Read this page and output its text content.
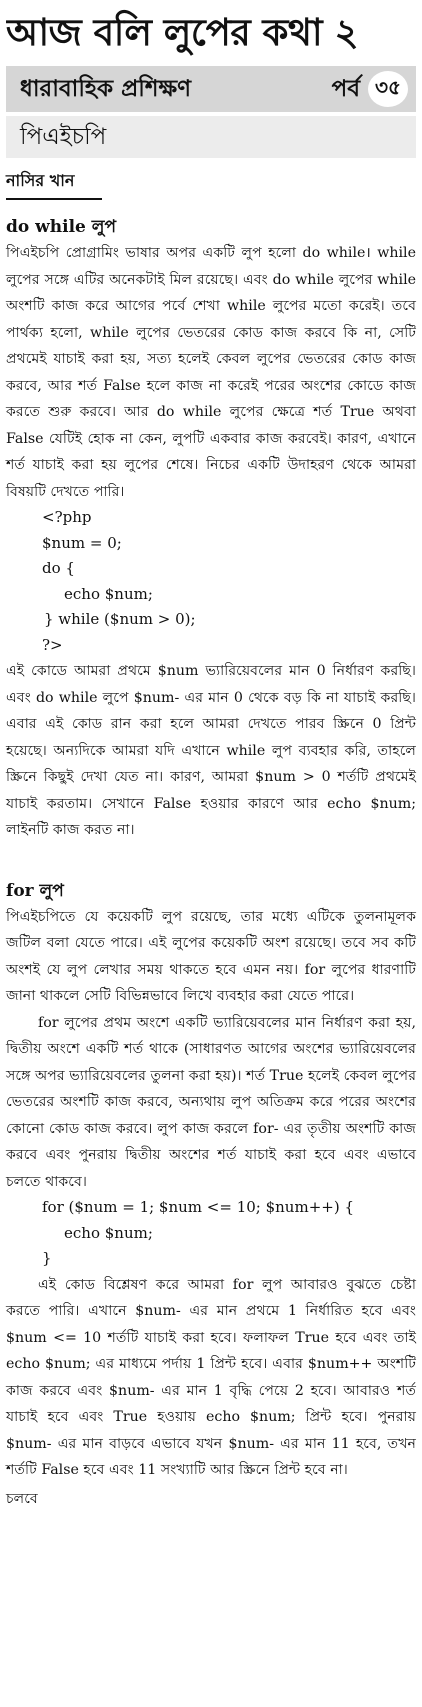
আজ বলি লুপের কথা ২
ধারাবাহিক প্রশিক্ষণ	পর্ব ৩৫
পিএইচপি
নাসির খান
do while লুপ

পিএইচপি প্রোগ্রামিং ভাষার অপর একটি লুপ হলো do while। while লুপের সঙ্গে এটির অনেকটাই মিল রয়েছে। এবং do while লুপের while অংশটি কাজ করে আগের পর্বে শেখা while লুপের মতো করেই। তবে পার্থক্য হলো, while লুপের ভেতরের কোড কাজ করবে কি না, সেটি প্রথমেই যাচাই করা হয়, সত্য হলেই কেবল লুপের ভেতরের কোড কাজ করবে, আর শর্ত False হলে কাজ না করেই পরের অংশের কোডে কাজ করতে শুরু করবে। আর do while লুপের ক্ষেত্রে শর্ত True অথবা False যেটিই হোক না কেন, লুপটি একবার কাজ করবেই। কারণ, এখানে শর্ত যাচাই করা হয় লুপের শেষে। নিচের একটি উদাহরণ থেকে আমরা বিষয়টি দেখতে পারি।

<?php
$num = 0;
do {
echo $num;
} while ($num > 0);
?>

এই কোডে আমরা প্রথমে $num ভ্যারিয়েবলের মান 0 নির্ধারণ করছি। এবং do while লুপে $num- এর মান 0 থেকে বড় কি না যাচাই করছি। এবার এই কোড রান করা হলে আমরা দেখতে পারব স্ক্রিনে 0 প্রিন্ট হয়েছে। অন্যদিকে আমরা যদি এখানে while লুপ ব্যবহার করি, তাহলে স্ক্রিনে কিছুই দেখা যেত না। কারণ, আমরা $num > 0 শর্তটি প্রথমেই যাচাই করতাম। সেখানে False হওয়ার কারণে আর echo $num; লাইনটি কাজ করত না।

for লুপ

পিএইচপিতে যে কয়েকটি লুপ রয়েছে, তার মধ্যে এটিকে তুলনামূলক জটিল বলা যেতে পারে। এই লুপের কয়েকটি অংশ রয়েছে। তবে সব কটি অংশই যে লুপ লেখার সময় থাকতে হবে এমন নয়। for লুপের ধারণাটি জানা থাকলে সেটি বিভিন্নভাবে লিখে ব্যবহার করা যেতে পারে।

for লুপের প্রথম অংশে একটি ভ্যারিয়েবলের মান নির্ধারণ করা হয়, দ্বিতীয় অংশে একটি শর্ত থাকে (সাধারণত আগের অংশের ভ্যারিয়েবলের সঙ্গে অপর ভ্যারিয়েবলের তুলনা করা হয়)। শর্ত True হলেই কেবল লুপের ভেতরের অংশটি কাজ করবে, অন্যথায় লুপ অতিক্রম করে পরের অংশের কোনো কোড কাজ করবে। লুপ কাজ করলে for- এর তৃতীয় অংশটি কাজ করবে এবং পুনরায় দ্বিতীয় অংশের শর্ত যাচাই করা হবে এবং এভাবে চলতে থাকবে।

for ($num = 1; $num <= 10; $num++) {
echo $num;
}

এই কোড বিশ্লেষণ করে আমরা for লুপ আবারও বুঝতে চেষ্টা করতে পারি। এখানে $num- এর মান প্রথমে 1 নির্ধারিত হবে এবং $num <= 10 শর্তটি যাচাই করা হবে। ফলাফল True হবে এবং তাই echo $num; এর মাধ্যমে পর্দায় 1 প্রিন্ট হবে। এবার $num++ অংশটি কাজ করবে এবং $num- এর মান 1 বৃদ্ধি পেয়ে 2 হবে। আবারও শর্ত যাচাই হবে এবং True হওয়ায় echo $num; প্রিন্ট হবে। পুনরায় $num- এর মান বাড়বে এভাবে যখন $num- এর মান 11 হবে, তখন শর্তটি False হবে এবং 11 সংখ্যাটি আর স্ক্রিনে প্রিন্ট হবে না।

চলবে
